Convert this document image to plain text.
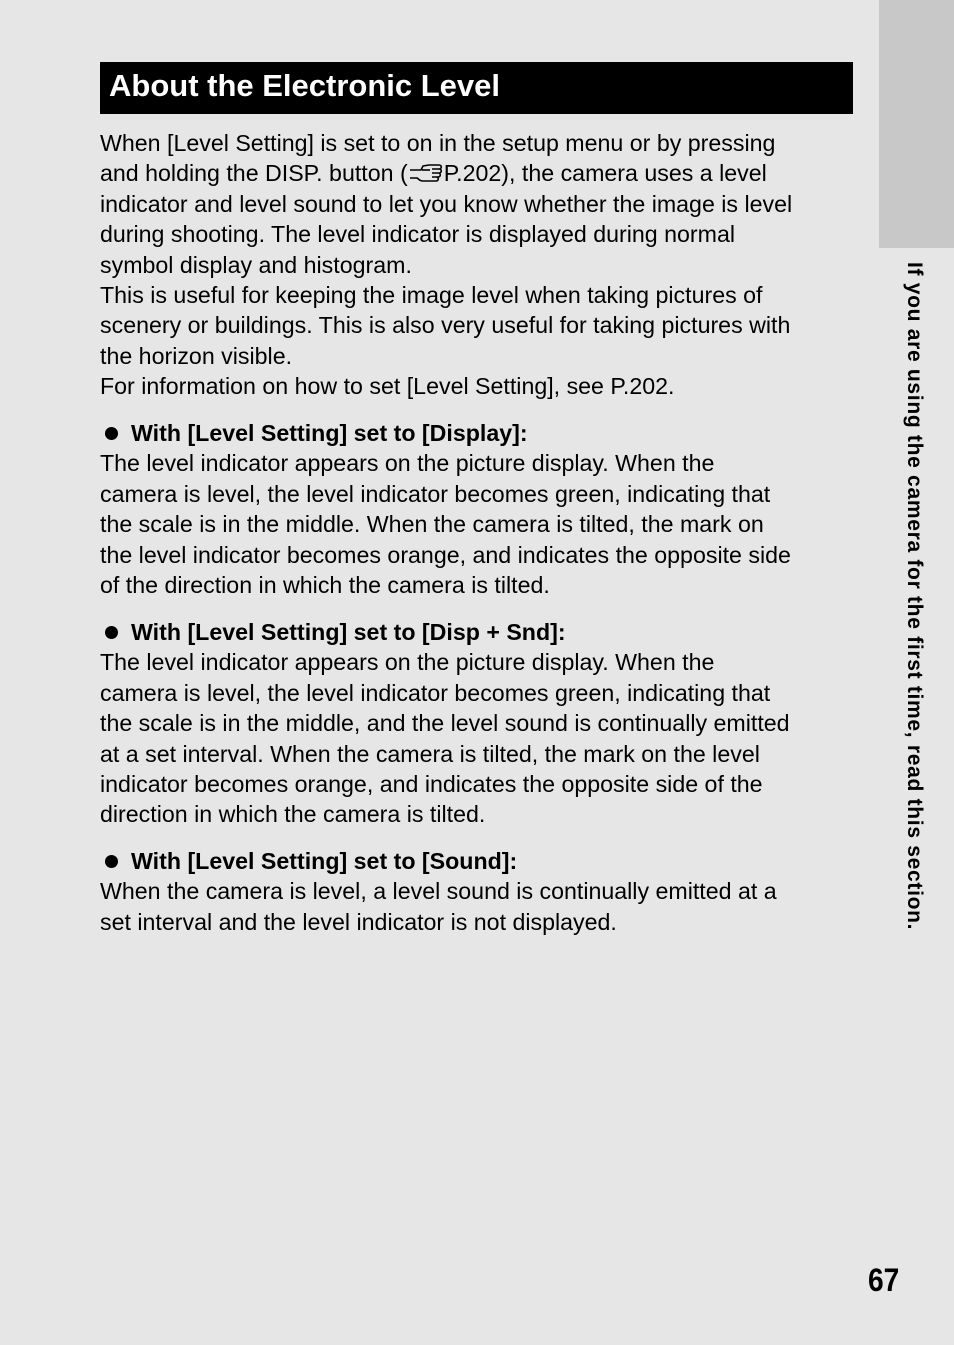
If you are using the camera for the first time, read this section.
About the Electronic Level
When [Level Setting] is set to on in the setup menu or by pressing
and holding the DISP. button ( P.202), the camera uses a level
indicator and level sound to let you know whether the image is level
during shooting. The level indicator is displayed during normal
symbol display and histogram.
This is useful for keeping the image level when taking pictures of
scenery or buildings. This is also very useful for taking pictures with
the horizon visible.
For information on how to set [Level Setting], see P.202.
With [Level Setting] set to [Display]:
The level indicator appears on the picture display. When the
camera is level, the level indicator becomes green, indicating that
the scale is in the middle. When the camera is tilted, the mark on
the level indicator becomes orange, and indicates the opposite side
of the direction in which the camera is tilted.
With [Level Setting] set to [Disp + Snd]:
The level indicator appears on the picture display. When the
camera is level, the level indicator becomes green, indicating that
the scale is in the middle, and the level sound is continually emitted
at a set interval. When the camera is tilted, the mark on the level
indicator becomes orange, and indicates the opposite side of the
direction in which the camera is tilted.
With [Level Setting] set to [Sound]:
When the camera is level, a level sound is continually emitted at a
set interval and the level indicator is not displayed.
67
